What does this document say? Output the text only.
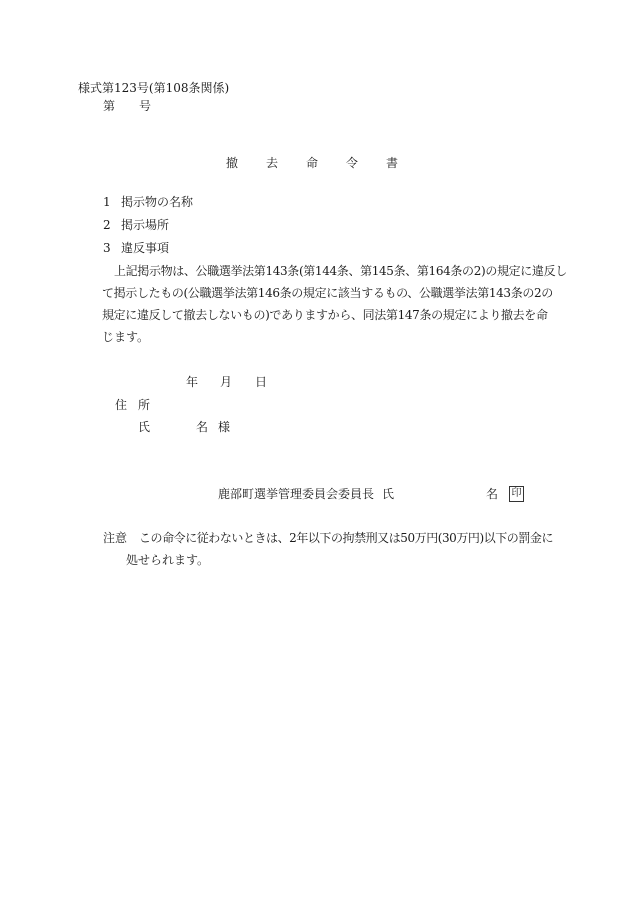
様式第123号(第108条関係)
第 号
撤 去 命 令 書
1 掲示物の名称
2 掲示場所
3 違反事項
上記掲示物は、公職選挙法第143条(第144条、第145条、第164条の2)の規定に違反し
て掲示したもの(公職選挙法第146条の規定に該当するもの、公職選挙法第143条の2の
規定に違反して撤去しないもの)でありますから、同法第147条の規定により撤去を命
じます。
年 月 日
住 所
氏	名 様
鹿部町選挙管理委員会委員長 氏	名	印
注意 この命令に従わないときは、2年以下の拘禁刑又は50万円(30万円)以下の罰金に
処せられます。
